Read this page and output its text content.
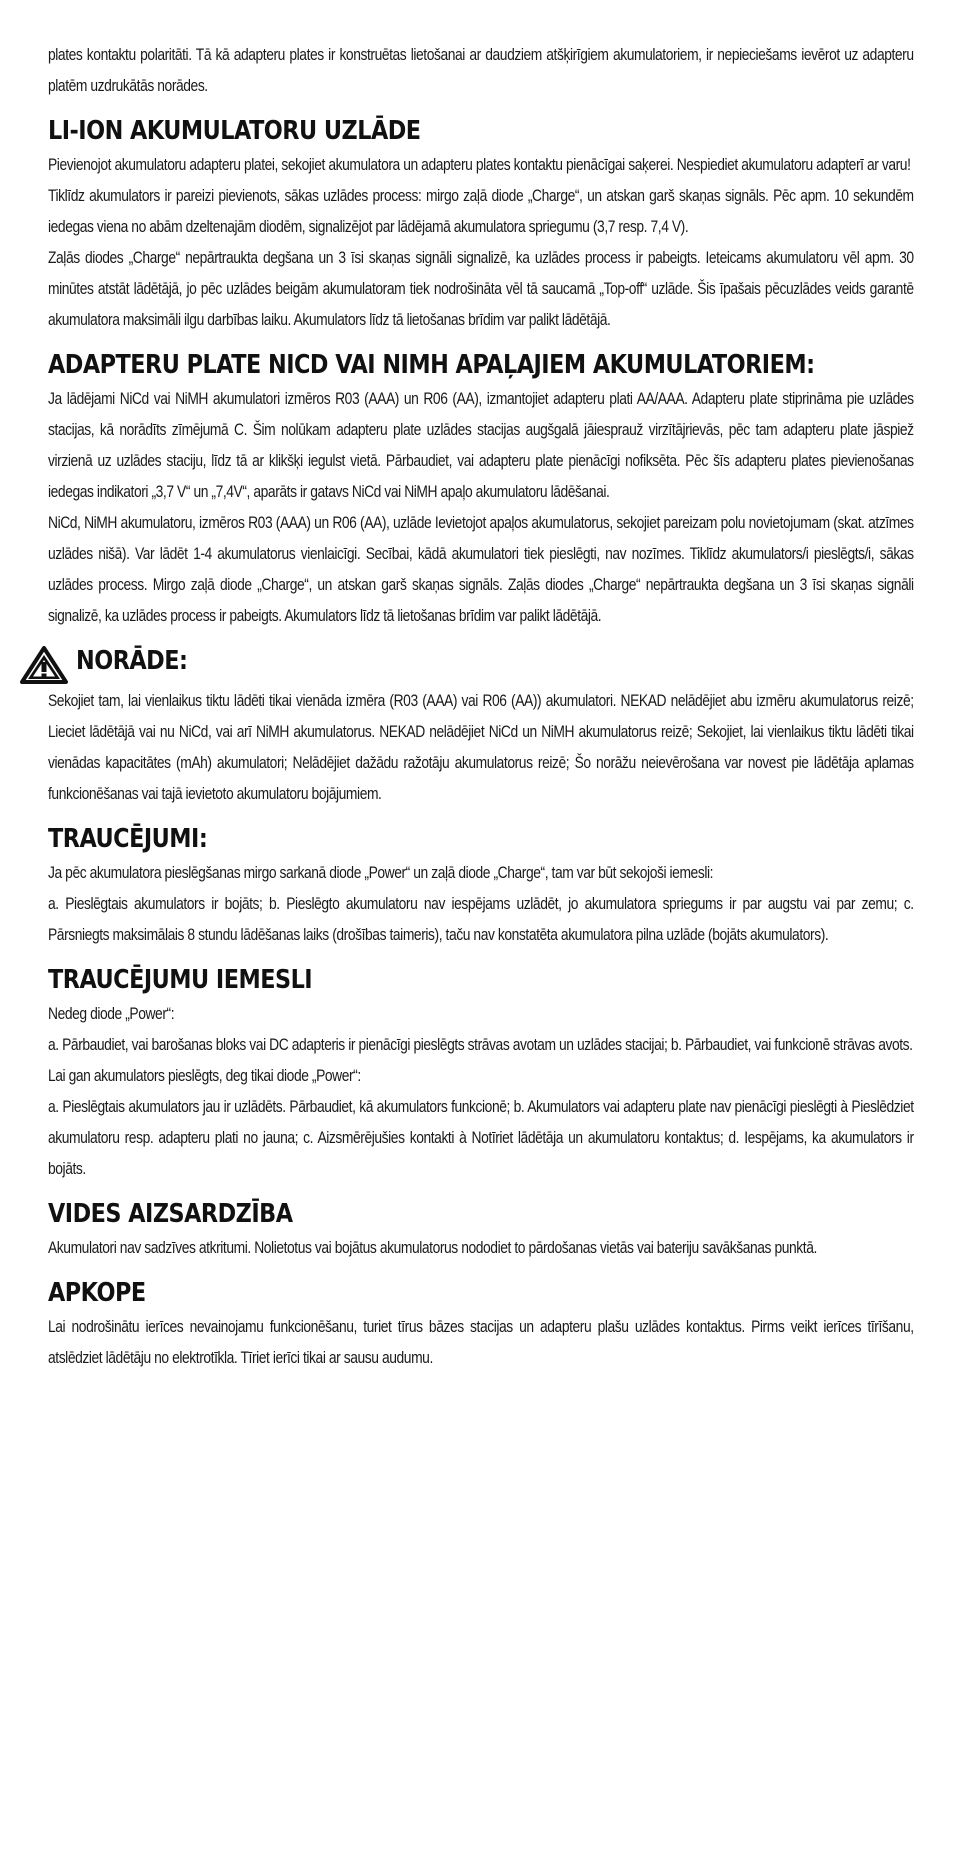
plates kontaktu polaritāti. Tā kā adapteru plates ir konstruētas lietošanai ar daudziem atšķirīgiem akumulatoriem, ir nepieciešams ievērot uz adapteru platēm uzdrukātās norādes.

LI-ION AKUMULATORU UZLĀDE

Pievienojot akumulatoru adapteru platei, sekojiet akumulatora un adapteru plates kontaktu pienācīgai saķerei. Nespiediet akumulatoru adapterī ar varu!

Tiklīdz akumulators ir pareizi pievienots, sākas uzlādes process: mirgo zaļā diode „Charge“, un atskan garš skaņas signāls. Pēc apm. 10 sekundēm iedegas viena no abām dzeltenajām diodēm, signalizējot par lādējamā akumulatora spriegumu (3,7 resp. 7,4 V).

Zaļās diodes „Charge“ nepārtraukta degšana un 3 īsi skaņas signāli signalizē, ka uzlādes process ir pabeigts. Ieteicams akumulatoru vēl apm. 30 minūtes atstāt lādētājā, jo pēc uzlādes beigām akumulatoram tiek nodrošināta vēl tā saucamā „Top-off“ uzlāde. Šis īpašais pēcuzlādes veids garantē akumulatora maksimāli ilgu darbības laiku. Akumulators līdz tā lietošanas brīdim var palikt lādētājā.

ADAPTERU PLATE NICD VAI NIMH APAĻAJIEM AKUMULATORIEM:

Ja lādējami NiCd vai NiMH akumulatori izmēros R03 (AAA) un R06 (AA), izmantojiet adapteru plati AA/AAA. Adapteru plate stiprināma pie uzlādes stacijas, kā norādīts zīmējumā C. Šim nolūkam adapteru plate uzlādes stacijas augšgalā jāiesprauž virzītājrievās, pēc tam adapteru plate jāspiež virzienā uz uzlādes staciju, līdz tā ar klikšķi iegulst vietā. Pārbaudiet, vai adapteru plate pienācīgi nofiksēta. Pēc šīs adapteru plates pievienošanas iedegas indikatori „3,7 V“ un „7,4V“, aparāts ir gatavs NiCd vai NiMH apaļo akumulatoru lādēšanai.

NiCd, NiMH akumulatoru, izmēros R03 (AAA) un R06 (AA), uzlāde Ievietojot apaļos akumulatorus, sekojiet pareizam polu novietojumam (skat. atzīmes uzlādes nišā). Var lādēt 1-4 akumulatorus vienlaicīgi. Secībai, kādā akumulatori tiek pieslēgti, nav nozīmes. Tiklīdz akumulators/i pieslēgts/i, sākas uzlādes process. Mirgo zaļā diode „Charge“, un atskan garš skaņas signāls. Zaļās diodes „Charge“ nepārtraukta degšana un 3 īsi skaņas signāli signalizē, ka uzlādes process ir pabeigts. Akumulators līdz tā lietošanas brīdim var palikt lādētājā.

NORĀDE:

Sekojiet tam, lai vienlaikus tiktu lādēti tikai vienāda izmēra (R03 (AAA) vai R06 (AA)) akumulatori. NEKAD nelādējiet abu izmēru akumulatorus reizē; Lieciet lādētājā vai nu NiCd, vai arī NiMH akumulatorus. NEKAD nelādējiet NiCd un NiMH akumulatorus reizē; Sekojiet, lai vienlaikus tiktu lādēti tikai vienādas kapacitātes (mAh) akumulatori; Nelādējiet dažādu ražotāju akumulatorus reizē; Šo norāžu neievērošana var novest pie lādētāja aplamas funkcionēšanas vai tajā ievietoto akumulatoru bojājumiem.

TRAUCĒJUMI:

Ja pēc akumulatora pieslēgšanas mirgo sarkanā diode „Power“ un zaļā diode „Charge“, tam var būt sekojoši iemesli:

a. Pieslēgtais akumulators ir bojāts; b. Pieslēgto akumulatoru nav iespējams uzlādēt, jo akumulatora spriegums ir par augstu vai par zemu; c. Pārsniegts maksimālais 8 stundu lādēšanas laiks (drošības taimeris), taču nav konstatēta akumulatora pilna uzlāde (bojāts akumulators).

TRAUCĒJUMU IEMESLI

Nedeg diode „Power“:

a. Pārbaudiet, vai barošanas bloks vai DC adapteris ir pienācīgi pieslēgts strāvas avotam un uzlādes stacijai; b. Pārbaudiet, vai funkcionē strāvas avots.

Lai gan akumulators pieslēgts, deg tikai diode „Power“:

a. Pieslēgtais akumulators jau ir uzlādēts. Pārbaudiet, kā akumulators funkcionē; b. Akumulators vai adapteru plate nav pienācīgi pieslēgti à Pieslēdziet akumulatoru resp. adapteru plati no jauna; c. Aizsmērējušies kontakti à Notīriet lādētāja un akumulatoru kontaktus; d. Iespējams, ka akumulators ir bojāts.

VIDES AIZSARDZĪBA

Akumulatori nav sadzīves atkritumi. Nolietotus vai bojātus akumulatorus nododiet to pārdošanas vietās vai bateriju savākšanas punktā.

APKOPE

Lai nodrošinātu ierīces nevainojamu funkcionēšanu, turiet tīrus bāzes stacijas un adapteru plašu uzlādes kontaktus. Pirms veikt ierīces tīrīšanu, atslēdziet lādētāju no elektrotīkla. Tīriet ierīci tikai ar sausu audumu.
